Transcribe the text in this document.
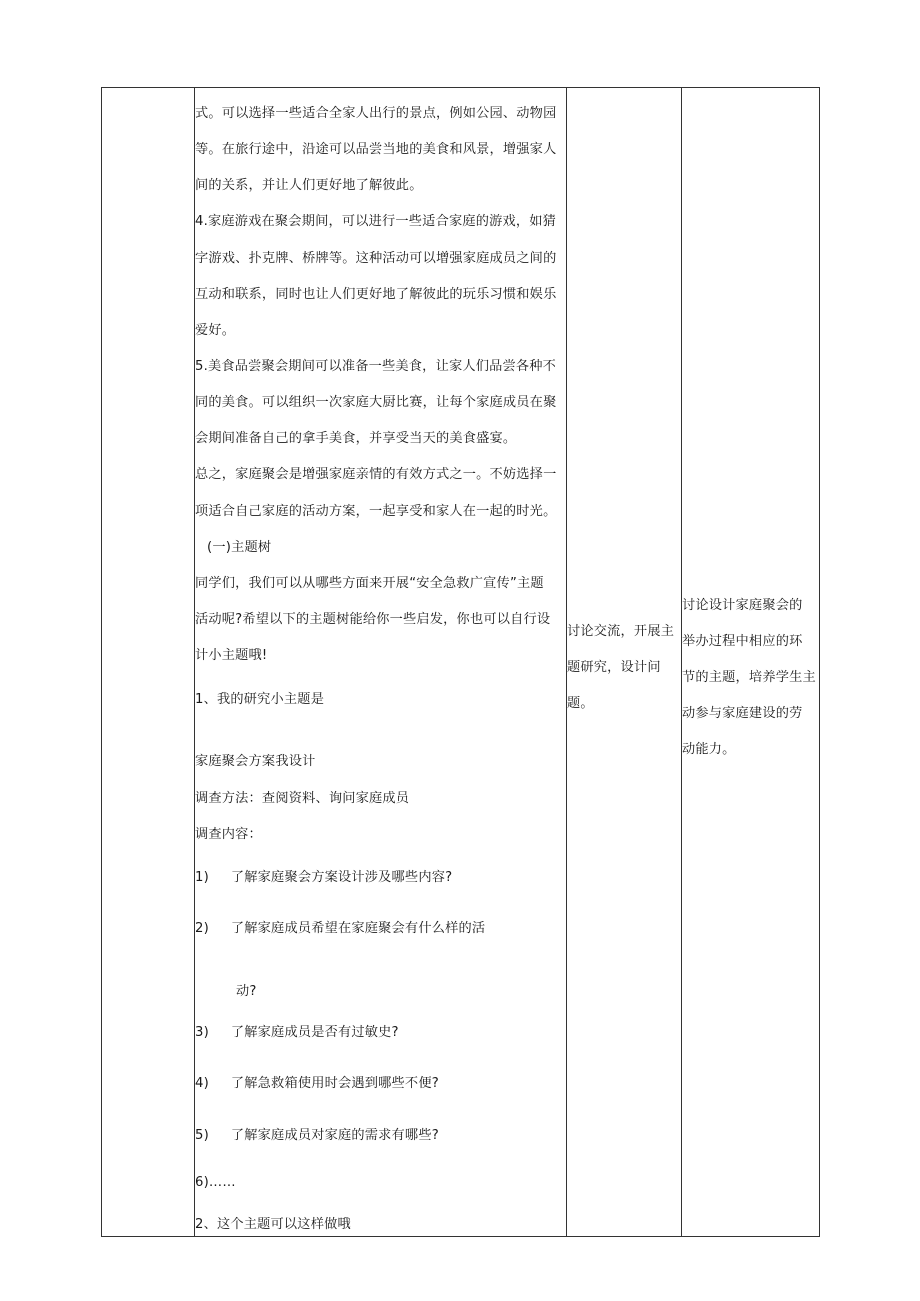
式。可以选择一些适合全家人出行的景点，例如公园、动物园
等。在旅行途中，沿途可以品尝当地的美食和风景，增强家人
间的关系，并让人们更好地了解彼此。
4.家庭游戏在聚会期间，可以进行一些适合家庭的游戏，如猜
字游戏、扑克牌、桥牌等。这种活动可以增强家庭成员之间的
互动和联系，同时也让人们更好地了解彼此的玩乐习惯和娱乐
爱好。
5.美食品尝聚会期间可以准备一些美食，让家人们品尝各种不
同的美食。可以组织一次家庭大厨比赛，让每个家庭成员在聚
会期间准备自己的拿手美食，并享受当天的美食盛宴。
总之，家庭聚会是增强家庭亲情的有效方式之一。不妨选择一
项适合自己家庭的活动方案，一起享受和家人在一起的时光。
(一)主题树
同学们，我们可以从哪些方面来开展“安全急救广宣传”主题
活动呢?希望以下的主题树能给你一些启发，你也可以自行设
计小主题哦!
1、我的研究小主题是
家庭聚会方案我设计
调查方法：查阅资料、询问家庭成员
调查内容：
1)     了解家庭聚会方案设计涉及哪些内容?
2)     了解家庭成员希望在家庭聚会有什么样的活
动?
3)     了解家庭成员是否有过敏史?
4)     了解急救箱使用时会遇到哪些不便?
5)     了解家庭成员对家庭的需求有哪些?
6)……
2、这个主题可以这样做哦
讨论交流，开展主
题研究，设计问
题。
讨论设计家庭聚会的
举办过程中相应的环
节的主题，培养学生主
动参与家庭建设的劳
动能力。
